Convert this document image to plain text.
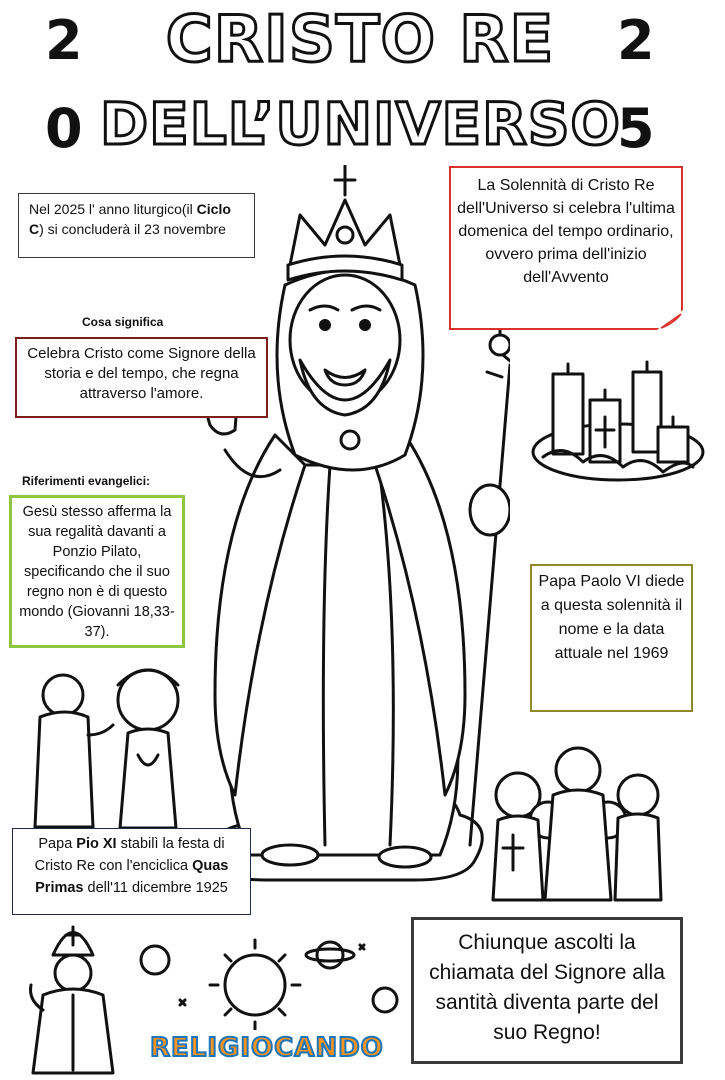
2
0
2
5
CRISTO RE
DELL’UNIVERSO
RELIGIOCANDO
Nel 2025 l' anno liturgico(il Ciclo C) si concluderà il 23 novembre
La Solennità di Cristo Re dell'Universo si celebra l'ultima domenica del tempo ordinario, ovvero prima dell'inizio dell'Avvento
Cosa significa
Celebra Cristo come Signore della storia e del tempo, che regna attraverso l'amore.
Riferimenti evangelici:
Gesù stesso afferma la sua regalità davanti a Ponzio Pilato, specificando che il suo regno non è di questo mondo (Giovanni 18,33-37).
Papa Paolo VI diede a questa solennità il nome e la data attuale nel 1969
Papa Pio XI stabilì la festa di Cristo Re con l'enciclica Quas Primas dell'11 dicembre 1925
Chiunque ascolti la chiamata del Signore alla santità diventa parte del suo Regno!
